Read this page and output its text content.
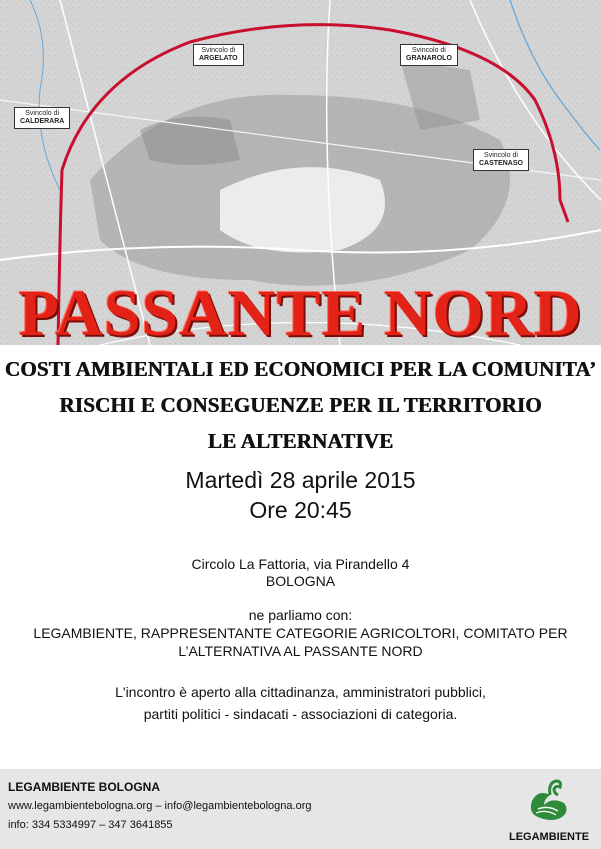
Svincolo di
CALDERARA
Svincolo di
ARGELATO
Svincolo di
GRANAROLO
Svincolo di
CASTENASO
PASSANTE NORD
COSTI AMBIENTALI ED ECONOMICI PER LA COMUNITA’
RISCHI E CONSEGUENZE PER IL TERRITORIO
LE ALTERNATIVE
Martedì 28 aprile 2015
Ore 20:45
Circolo La Fattoria, via Pirandello 4
BOLOGNA
ne parliamo con:
LEGAMBIENTE, RAPPRESENTANTE CATEGORIE AGRICOLTORI, COMITATO PER
L’ALTERNATIVA AL PASSANTE NORD
L'incontro è aperto alla cittadinanza, amministratori pubblici,
partiti politici - sindacati - associazioni di categoria.
LEGAMBIENTE BOLOGNA
www.legambientebologna.org – info@legambientebologna.org
info: 334 5334997 – 347 3641855
LEGAMBIENTE
